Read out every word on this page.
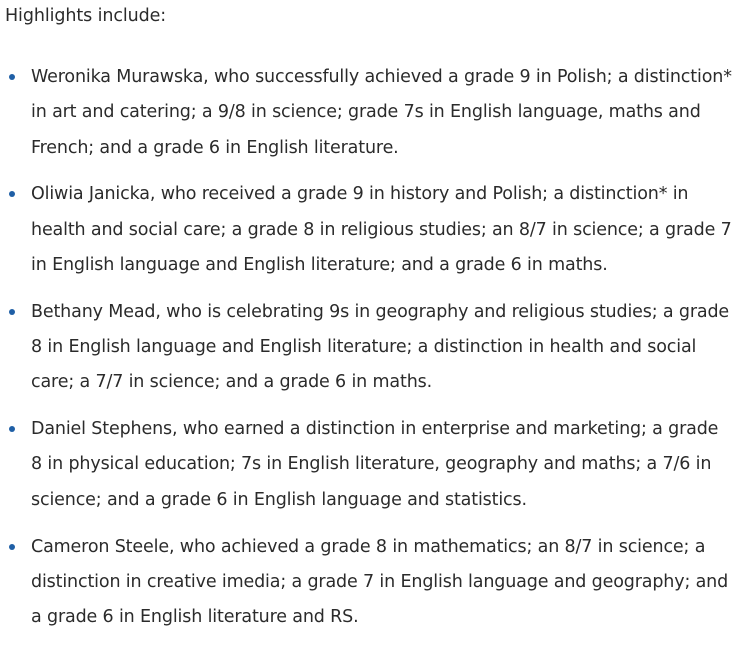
Highlights include:

Weronika Murawska, who successfully achieved a grade 9 in Polish; a distinction* in art and catering; a 9/8 in science; grade 7s in English language, maths and French; and a grade 6 in English literature.
Oliwia Janicka, who received a grade 9 in history and Polish; a distinction* in health and social care; a grade 8 in religious studies; an 8/7 in science; a grade 7 in English language and English literature; and a grade 6 in maths.
Bethany Mead, who is celebrating 9s in geography and religious studies; a grade 8 in English language and English literature; a distinction in health and social care; a 7/7 in science; and a grade 6 in maths.
Daniel Stephens, who earned a distinction in enterprise and marketing; a grade 8 in physical education; 7s in English literature, geography and maths; a 7/6 in science; and a grade 6 in English language and statistics.
Cameron Steele, who achieved a grade 8 in mathematics; an 8/7 in science; a distinction in creative imedia; a grade 7 in English language and geography; and a grade 6 in English literature and RS.
